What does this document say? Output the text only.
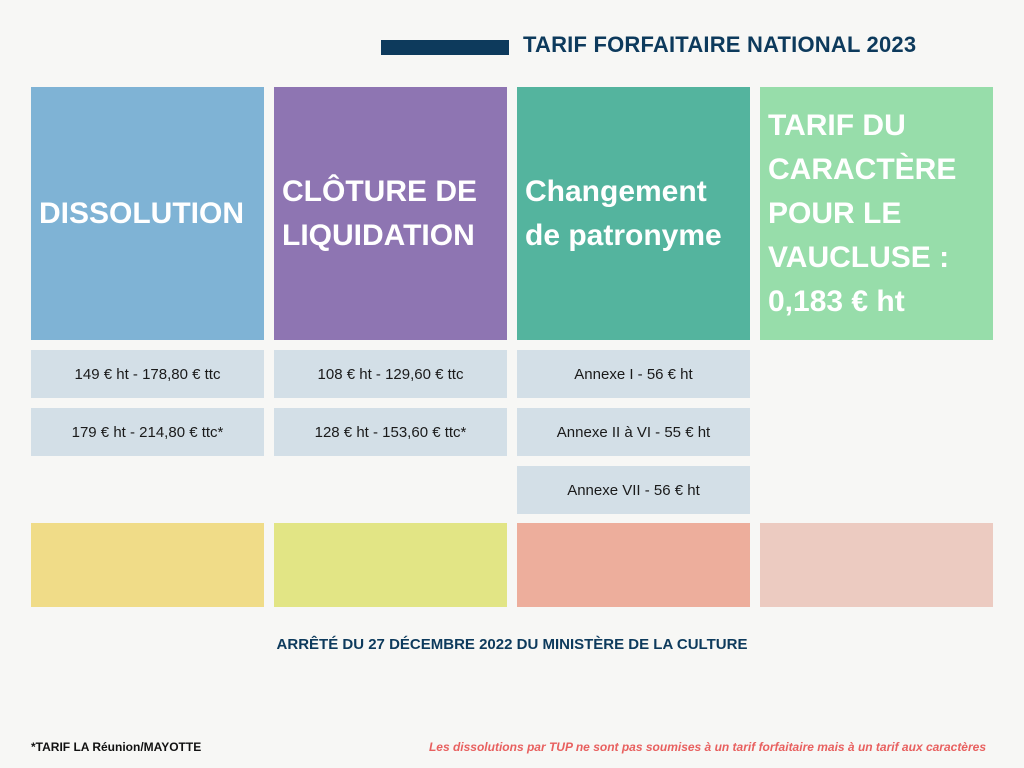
TARIF FORFAITAIRE NATIONAL 2023
DISSOLUTION
CLÔTURE DE LIQUIDATION
Changement de patronyme
TARIF DU CARACTÈRE POUR LE VAUCLUSE : 0,183 € ht
149 € ht - 178,80 € ttc
179 € ht - 214,80 € ttc*
108 € ht - 129,60 € ttc
128 € ht - 153,60 € ttc*
Annexe I - 56 € ht
Annexe II à VI - 55 € ht
Annexe VII - 56 € ht
ARRÊTÉ DU 27 DÉCEMBRE 2022 DU MINISTÈRE DE LA CULTURE
*TARIF LA Réunion/MAYOTTE	Les dissolutions par TUP ne sont pas soumises à un tarif forfaitaire mais à un tarif aux caractères
